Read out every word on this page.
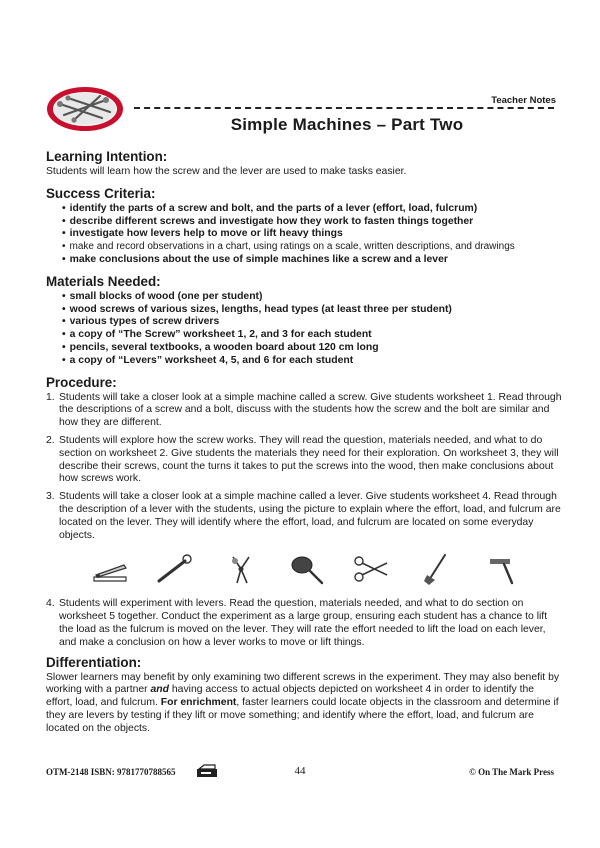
Teacher Notes
Simple Machines – Part Two
Learning Intention:

Students will learn how the screw and the lever are used to make tasks easier.

Success Criteria:
• identify the parts of a screw and bolt, and the parts of a lever (effort, load, fulcrum)
• describe different screws and investigate how they work to fasten things together
• investigate how levers help to move or lift heavy things
• make and record observations in a chart, using ratings on a scale, written descriptions, and drawings
• make conclusions about the use of simple machines like a screw and a lever
Materials Needed:
• small blocks of wood (one per student)
• wood screws of various sizes, lengths, head types (at least three per student)
• various types of screw drivers
• a copy of “The Screw” worksheet 1, 2, and 3 for each student
• pencils, several textbooks, a wooden board about 120 cm long
• a copy of “Levers” worksheet 4, 5, and 6 for each student
Procedure:
1. Students will take a closer look at a simple machine called a screw. Give students worksheet 1. Read through the descriptions of a screw and a bolt, discuss with the students how the screw and the bolt are similar and how they are different.
2. Students will explore how the screw works. They will read the question, materials needed, and what to do section on worksheet 2. Give students the materials they need for their exploration. On worksheet 3, they will describe their screws, count the turns it takes to put the screws into the wood, then make conclusions about how screws work.
3. Students will take a closer look at a simple machine called a lever. Give students worksheet 4. Read through the description of a lever with the students, using the picture to explain where the effort, load, and fulcrum are located on the lever. They will identify where the effort, load, and fulcrum are located on some everyday objects.
4. Students will experiment with levers. Read the question, materials needed, and what to do section on worksheet 5 together. Conduct the experiment as a large group, ensuring each student has a chance to lift the load as the fulcrum is moved on the lever. They will rate the effort needed to lift the load on each lever, and make a conclusion on how a lever works to move or lift things.
Differentiation:

Slower learners may benefit by only examining two different screws in the experiment. They may also benefit by working with a partner and having access to actual objects depicted on worksheet 4 in order to identify the effort, load, and fulcrum. For enrichment, faster learners could locate objects in the classroom and determine if they are levers by testing if they lift or move something; and identify where the effort, load, and fulcrum are located on the objects.

OTM-2148 ISBN: 9781770788565	44	© On The Mark Press
